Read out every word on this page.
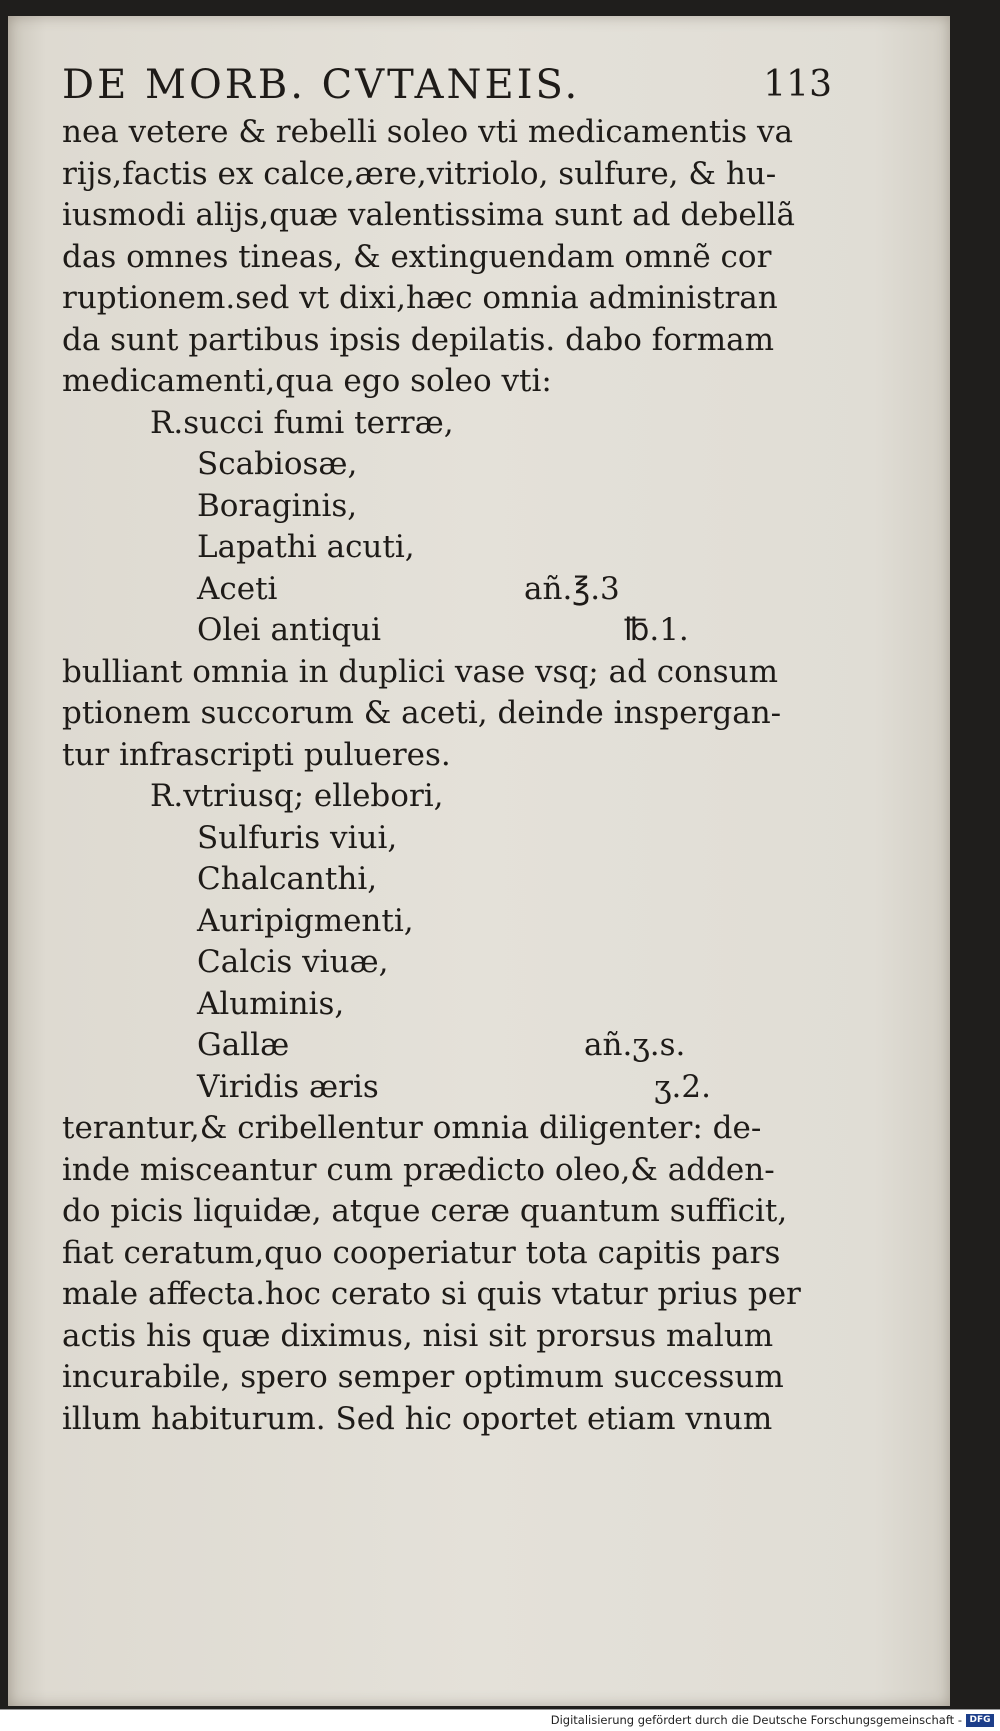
DE MORB. CVTANEIS.	113
nea vetere & rebelli soleo vti medicamentis va
rijs,factis ex calce,ære,vitriolo, sulfure, & hu-
iusmodi alijs,quæ valentissima sunt ad debellã
das omnes tineas, & extinguendam omnẽ cor
ruptionem.sed vt dixi,hæc omnia administran
da sunt partibus ipsis depilatis. dabo formam
medicamenti,qua ego soleo vti:
R.succi fumi terræ,
Scabiosæ,
Boraginis,
Lapathi acuti,
Aceti	añ.℥.3
Olei antiqui	℔.1.
bulliant omnia in duplici vase vsq; ad consum
ptionem succorum & aceti, deinde inspergan-
tur infrascripti pulueres.
R.vtriusq; ellebori,
Sulfuris viui,
Chalcanthi,
Auripigmenti,
Calcis viuæ,
Aluminis,
Gallæ	añ.ʒ.s.
Viridis æris	ʒ.2.
terantur,& cribellentur omnia diligenter: de-
inde misceantur cum prædicto oleo,& adden-
do picis liquidæ, atque ceræ quantum sufficit,
fiat ceratum,quo cooperiatur tota capitis pars
male affecta.hoc cerato si quis vtatur prius per
actis his quæ diximus, nisi sit prorsus malum
incurabile, spero semper optimum successum
illum habiturum. Sed hic oportet etiam vnum
Digitalisierung gefördert durch die Deutsche Forschungsgemeinschaft - DFG
